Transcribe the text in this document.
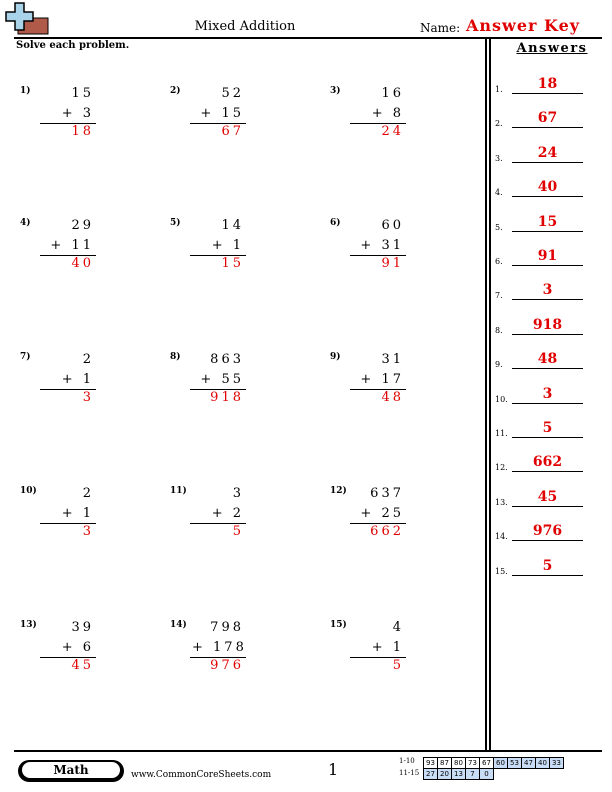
Mixed Addition	Name: Answer Key
Solve each problem.	Answers
1.	18
2.	67
3.	24
4.	40
5.	15
6.	91
7.	3
8.	918
9.	48
10.	3
11.	5
12.	662
13.	45
14.	976
15.	5
1)	15
+ 3
18
2)	52
+ 15
67
3)	16
+ 8
24
4)	29
+ 11
40
5)	14
+ 1
15
6)	60
+ 31
91
7)	2
+ 1
3
8)	863
+ 55
918
9)	31
+ 17
48
10)	2
+ 1
3
11)	3
+ 2
5
12)	637
+ 25
662
13)	39
+ 6
45
14)	798
+ 178
976
15)	4
+ 1
5
Math	www.CommonCoreSheets.com	1	1-10
11-15
93	87	80	73	67	60	53	47	40	33
27	20	13	7	0					
